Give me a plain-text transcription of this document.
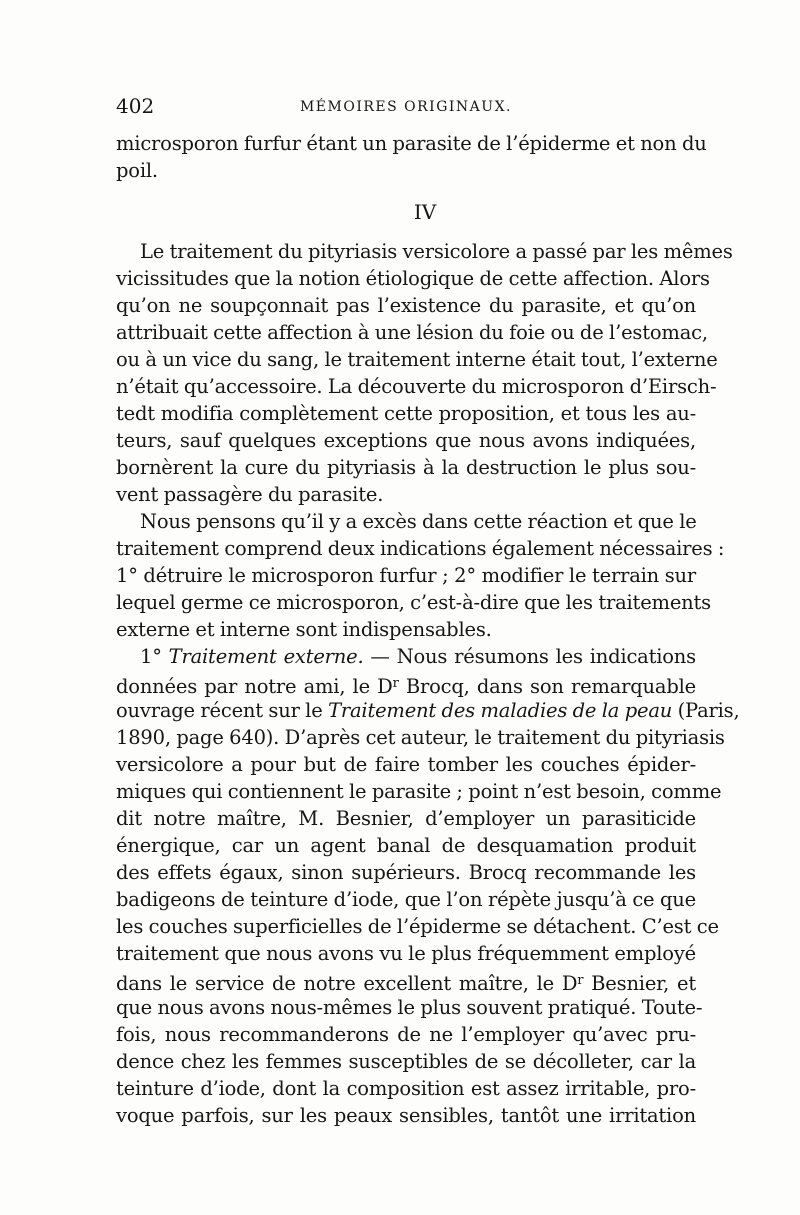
402	MÉMOIRES ORIGINAUX.
microsporon furfur étant un parasite de l’épiderme et non du
poil.
IV
Le traitement du pityriasis versicolore a passé par les mêmes
vicissitudes que la notion étiologique de cette affection. Alors
qu’on ne soupçonnait pas l’existence du parasite, et qu’on
attribuait cette affection à une lésion du foie ou de l’estomac,
ou à un vice du sang, le traitement interne était tout, l’externe
n’était qu’accessoire. La découverte du microsporon d’Eirsch-
tedt modifia complètement cette proposition, et tous les au-
teurs, sauf quelques exceptions que nous avons indiquées,
bornèrent la cure du pityriasis à la destruction le plus sou-
vent passagère du parasite.
Nous pensons qu’il y a excès dans cette réaction et que le
traitement comprend deux indications également nécessaires :
1° détruire le microsporon furfur ; 2° modifier le terrain sur
lequel germe ce microsporon, c’est-à-dire que les traitements
externe et interne sont indispensables.
1° Traitement externe. — Nous résumons les indications
données par notre ami, le $D^r$ Brocq, dans son remarquable
ouvrage récent sur le Traitement des maladies de la peau (Paris,
1890, page 640). D’après cet auteur, le traitement du pityriasis
versicolore a pour but de faire tomber les couches épider-
miques qui contiennent le parasite ; point n’est besoin, comme
dit notre maître, M. Besnier, d’employer un parasiticide
énergique, car un agent banal de desquamation produit
des effets égaux, sinon supérieurs. Brocq recommande les
badigeons de teinture d’iode, que l’on répète jusqu’à ce que
les couches superficielles de l’épiderme se détachent. C’est ce
traitement que nous avons vu le plus fréquemment employé
dans le service de notre excellent maître, le $D^r$ Besnier, et
que nous avons nous-mêmes le plus souvent pratiqué. Toute-
fois, nous recommanderons de ne l’employer qu’avec pru-
dence chez les femmes susceptibles de se décolleter, car la
teinture d’iode, dont la composition est assez irritable, pro-
voque parfois, sur les peaux sensibles, tantôt une irritation
